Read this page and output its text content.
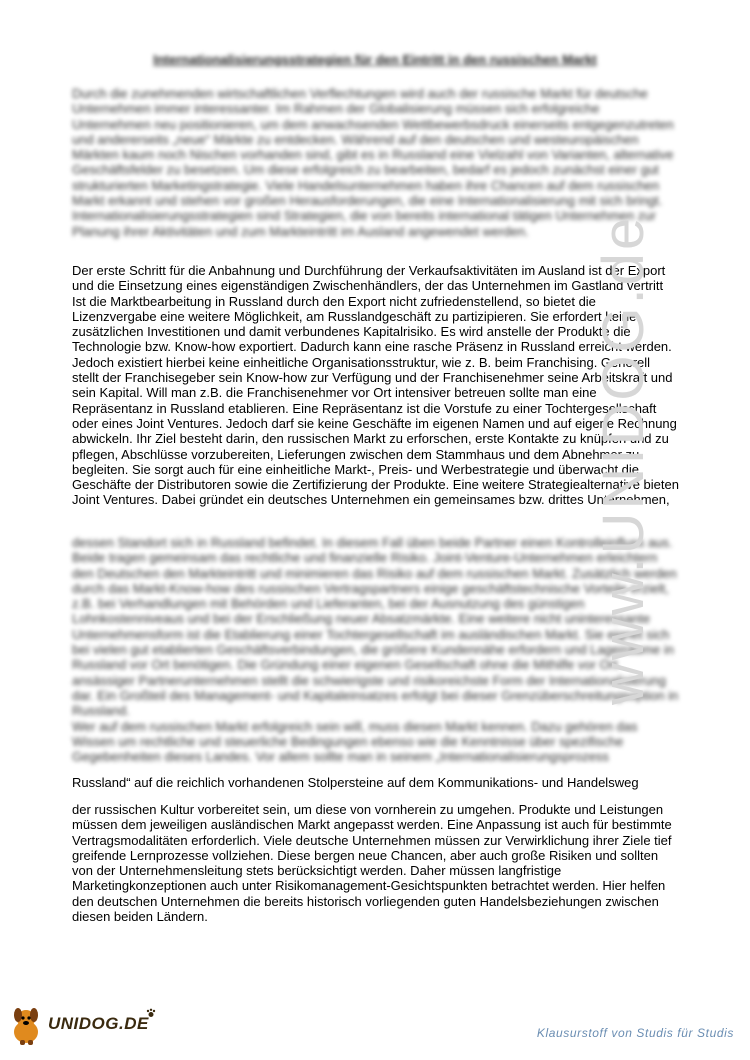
Internationalisierungsstrategien für den Eintritt in den russischen Markt

Durch die zunehmenden wirtschaftlichen Verflechtungen wird auch der russische Markt für deutsche Unternehmen immer interessanter. Im Rahmen der Globalisierung müssen sich erfolgreiche Unternehmen neu positionieren, um dem anwachsenden Wettbewerbsdruck einerseits entgegenzutreten und andererseits „neue“ Märkte zu entdecken. Während auf den deutschen und westeuropäischen Märkten kaum noch Nischen vorhanden sind, gibt es in Russland eine Vielzahl von Varianten, alternative Geschäftsfelder zu besetzen. Um diese erfolgreich zu bearbeiten, bedarf es jedoch zunächst einer gut strukturierten Marketingstrategie. Viele Handelsunternehmen haben ihre Chancen auf dem russischen Markt erkannt und stehen vor großen Herausforderungen, die eine Internationalisierung mit sich bringt. Internationalisierungsstrategien sind Strategien, die von bereits international tätigen Unternehmen zur Planung ihrer Aktivitäten und zum Markteintritt im Ausland angewendet werden.

Der erste Schritt für die Anbahnung und Durchführung der Verkaufsaktivitäten im Ausland ist der Export und die Einsetzung eines eigenständigen Zwischenhändlers, der das Unternehmen im Gastland vertritt Ist die Marktbearbeitung in Russland durch den Export nicht zufriedenstellend, so bietet die Lizenzvergabe eine weitere Möglichkeit, am Russlandgeschäft zu partizipieren. Sie erfordert keine zusätzlichen Investitionen und damit verbundenes Kapitalrisiko. Es wird anstelle der Produkte die Technologie bzw. Know-how exportiert. Dadurch kann eine rasche Präsenz in Russland erreicht werden. Jedoch existiert hierbei keine einheitliche Organisationsstruktur, wie z. B. beim Franchising. Generell stellt der Franchisegeber sein Know-how zur Verfügung und der Franchisenehmer seine Arbeitskraft und sein Kapital. Will man z.B. die Franchisenehmer vor Ort intensiver betreuen sollte man eine Repräsentanz in Russland etablieren. Eine Repräsentanz ist die Vorstufe zu einer Tochtergesellschaft oder eines Joint Ventures. Jedoch darf sie keine Geschäfte im eigenen Namen und auf eigene Rechnung abwickeln. Ihr Ziel besteht darin, den russischen Markt zu erforschen, erste Kontakte zu knüpfen und zu pflegen, Abschlüsse vorzubereiten, Lieferungen zwischen dem Stammhaus und dem Abnehmer zu begleiten. Sie sorgt auch für eine einheitliche Markt-, Preis- und Werbestrategie und überwacht die Geschäfte der Distributoren sowie die Zertifizierung der Produkte. Eine weitere Strategiealternative bieten Joint Ventures. Dabei gründet ein deutsches Unternehmen ein gemeinsames bzw. drittes Unternehmen,

dessen Standort sich in Russland befindet. In diesem Fall üben beide Partner einen Kontrolleinfluss aus. Beide tragen gemeinsam das rechtliche und finanzielle Risiko. Joint-Venture-Unternehmen erleichtern den Deutschen den Markteintritt und minimieren das Risiko auf dem russischen Markt. Zusätzlich werden durch das Markt-Know-how des russischen Vertragspartners einige geschäftstechnische Vorteile erzielt, z.B. bei Verhandlungen mit Behörden und Lieferanten, bei der Ausnutzung des günstigen Lohnkostenniveaus und bei der Erschließung neuer Absatzmärkte. Eine weitere nicht uninteressante Unternehmensform ist die Etablierung einer Tochtergesellschaft im ausländischen Markt. Sie eignet sich bei vielen gut etablierten Geschäftsverbindungen, die größere Kundennähe erfordern und Lagerräume in Russland vor Ort benötigen. Die Gründung einer eigenen Gesellschaft ohne die Mithilfe vor Ort ansässiger Partnerunternehmen stellt die schwierigste und risikoreichste Form der Internationalisierung dar. Ein Großteil des Management- und Kapitaleinsatzes erfolgt bei dieser Grenzüberschreitungsoption in Russland.

Wer auf dem russischen Markt erfolgreich sein will, muss diesen Markt kennen. Dazu gehören das Wissen um rechtliche und steuerliche Bedingungen ebenso wie die Kenntnisse über spezifische Gegebenheiten dieses Landes. Vor allem sollte man in seinem „Internationalisierungsprozess

Russland“ auf die reichlich vorhandenen Stolpersteine auf dem Kommunikations- und Handelsweg

der russischen Kultur vorbereitet sein, um diese von vornherein zu umgehen. Produkte und Leistungen müssen dem jeweiligen ausländischen Markt angepasst werden. Eine Anpassung ist auch für bestimmte Vertragsmodalitäten erforderlich. Viele deutsche Unternehmen müssen zur Verwirklichung ihrer Ziele tief greifende Lernprozesse vollziehen. Diese bergen neue Chancen, aber auch große Risiken und sollten von der Unternehmensleitung stets berücksichtigt werden. Daher müssen langfristige Marketingkonzeptionen auch unter Risikomanagement-Gesichtspunkten betrachtet werden. Hier helfen den deutschen Unternehmen die bereits historisch vorliegenden guten Handelsbeziehungen zwischen diesen beiden Ländern.

www.UNIDOG.de
UNIDOG.DE	Klausurstoff von Studis für Studis
